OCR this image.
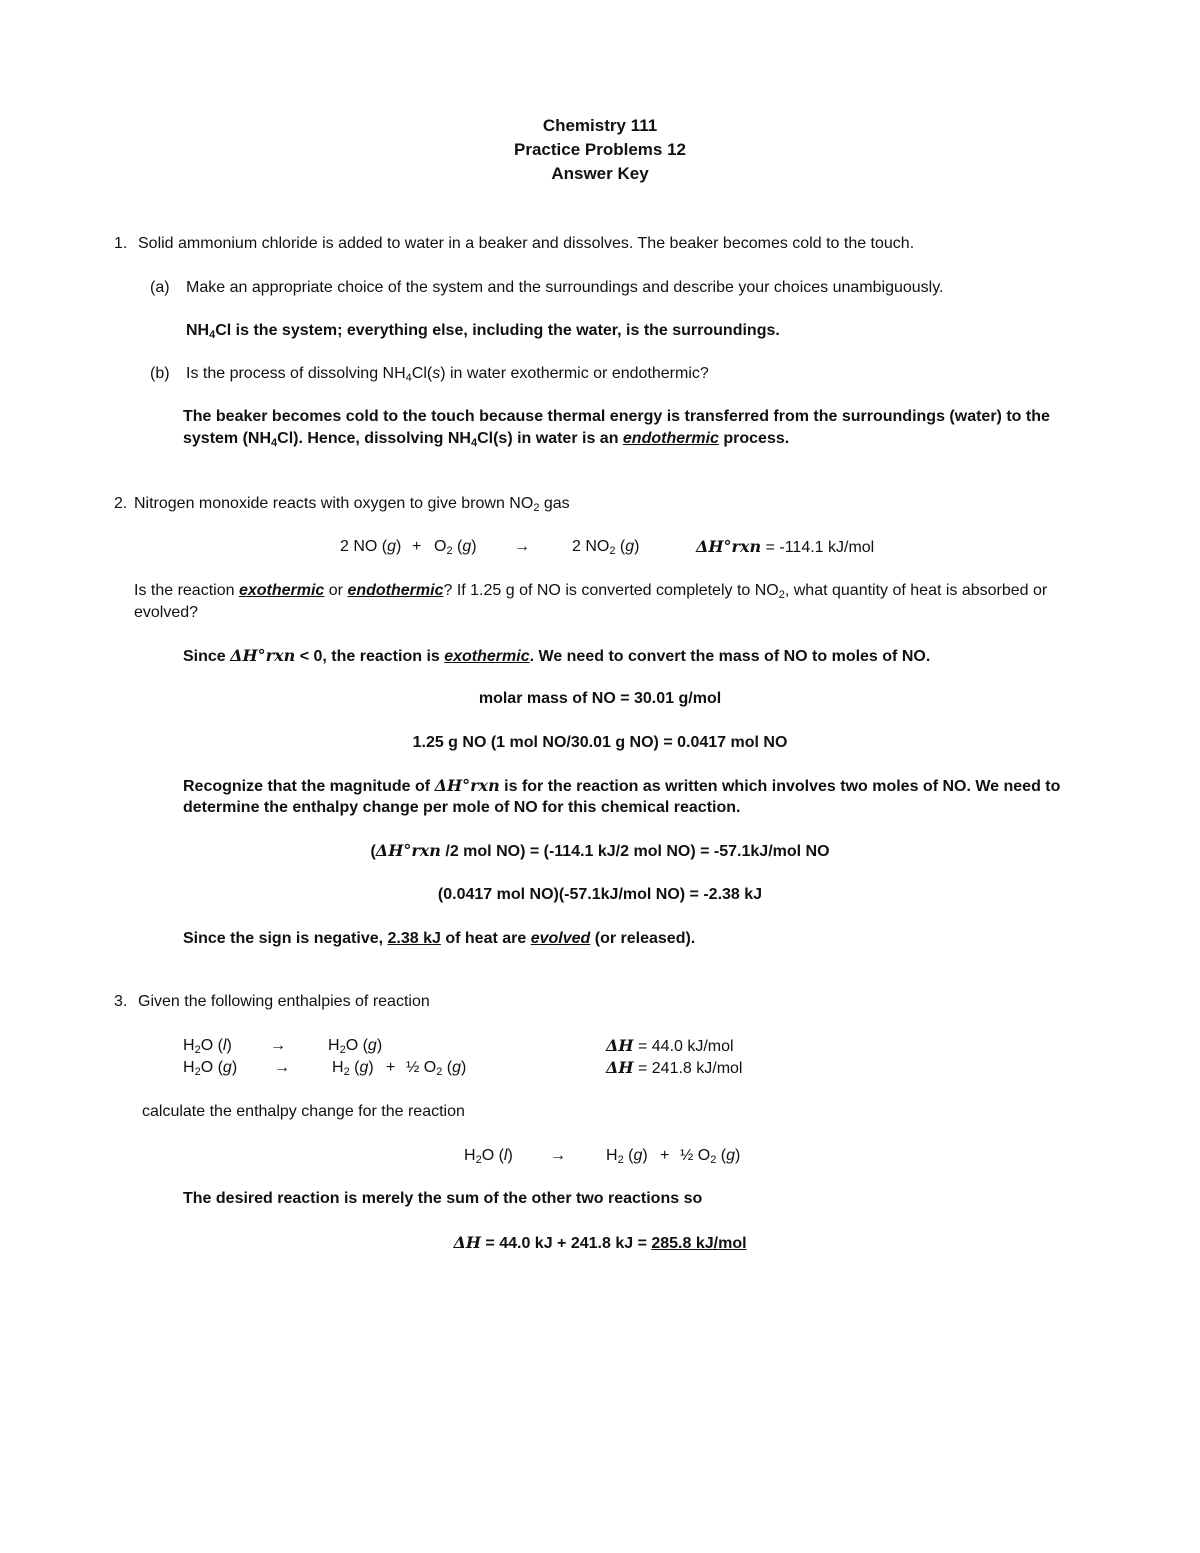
Chemistry 111
Practice Problems 12
Answer Key
1. Solid ammonium chloride is added to water in a beaker and dissolves. The beaker becomes cold to the touch.
(a) Make an appropriate choice of the system and the surroundings and describe your choices unambiguously.
$NH_4Cl$ is the system; everything else, including the water, is the surroundings.
(b) Is the process of dissolving $NH_4Cl(s)$ in water exothermic or endothermic?
The beaker becomes cold to the touch because thermal energy is transferred from the surroundings (water) to the
system $(NH_4Cl)$. Hence, dissolving $NH_4Cl(s)$ in water is an endothermic process.
2. Nitrogen monoxide reacts with oxygen to give brown $NO_2$ gas
2 NO $(g) + O_2$ (g) →	2 $NO_2$ (g)	ΔH°rxn = -114.1 kJ/mol
Is the reaction exothermic or endothermic? If 1.25 g of NO is converted completely to $NO_2$, what quantity of heat is absorbed or
evolved?
Since ΔH°rxn < 0, the reaction is exothermic. We need to convert the mass of NO to moles of NO.
molar mass of NO = 30.01 g/mol
1.25 g NO (1 mol NO/30.01 g NO) = 0.0417 mol NO
Recognize that the magnitude of ΔH°rxn is for the reaction as written which involves two moles of NO. We need to
determine the enthalpy change per mole of NO for this chemical reaction.
(ΔH°rxn /2 mol NO) = (-114.1 kJ/2 mol NO) = -57.1kJ/mol NO
(0.0417 mol NO)(-57.1kJ/mol NO) = -2.38 kJ
Since the sign is negative, 2.38 kJ of heat are evolved (or released).
3. Given the following enthalpies of reaction
$H_2O$ (l) →	$H_2O$ (g)	ΔH = 44.0 kJ/mol
$H_2O$ (g) →	$H_2$ (g) + ½ $O_2$ (g)	ΔH = 241.8 kJ/mol
calculate the enthalpy change for the reaction
$H_2O$ (l) →	$H_2$ (g) + ½ $O_2$ (g)
The desired reaction is merely the sum of the other two reactions so
ΔH = 44.0 kJ + 241.8 kJ = 285.8 kJ/mol
